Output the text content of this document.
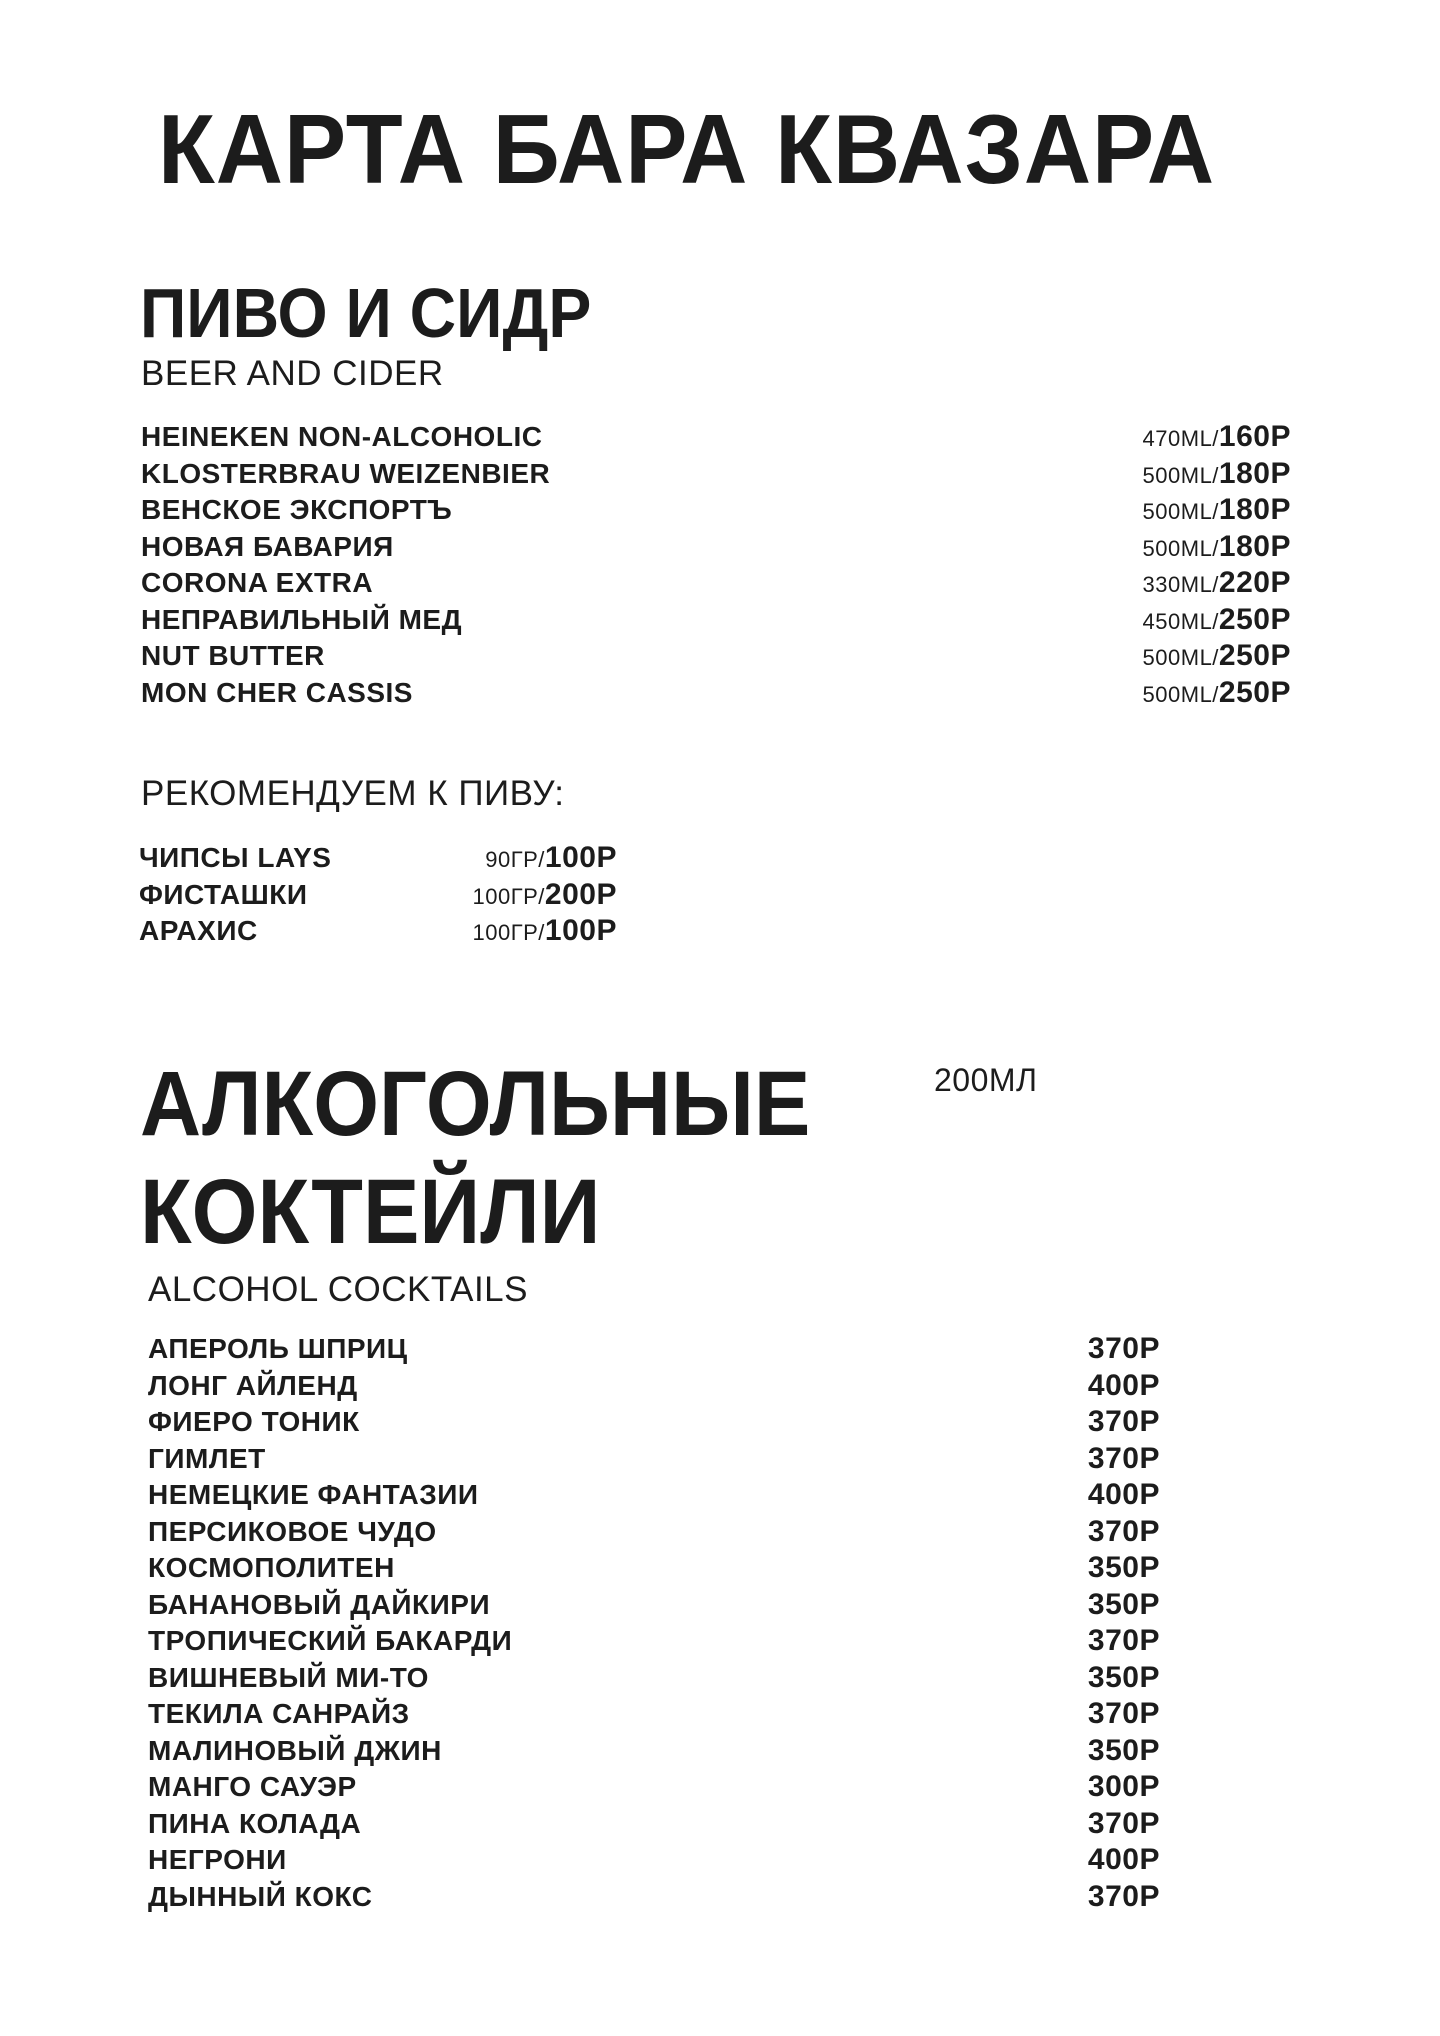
КАРТА БАРА КВАЗАРА
ПИВО И СИДР
BEER AND CIDER
HEINEKEN NON-ALCOHOLIC	470ML/160Р
KLOSTERBRAU WEIZENBIER	500ML/180Р
ВЕНСКОЕ ЭКСПОРТЪ	500ML/180Р
НОВАЯ БАВАРИЯ	500ML/180Р
CORONA EXTRA	330ML/220Р
НЕПРАВИЛЬНЫЙ МЕД	450ML/250Р
NUT BUTTER	500ML/250Р
MON CHER CASSIS	500ML/250Р
РЕКОМЕНДУЕМ К ПИВУ:
ЧИПСЫ LAYS	90ГР/100Р
ФИСТАШКИ	100ГР/200Р
АРАХИС	100ГР/100Р
АЛКОГОЛЬНЫЕ	200МЛ
КОКТЕЙЛИ
ALCOHOL COCKTAILS
АПЕРОЛЬ ШПРИЦ	370Р
ЛОНГ АЙЛЕНД	400Р
ФИЕРО ТОНИК	370Р
ГИМЛЕТ	370Р
НЕМЕЦКИЕ ФАНТАЗИИ	400Р
ПЕРСИКОВОЕ ЧУДО	370Р
КОСМОПОЛИТЕН	350Р
БАНАНОВЫЙ ДАЙКИРИ	350Р
ТРОПИЧЕСКИЙ БАКАРДИ	370Р
ВИШНЕВЫЙ МИ-ТО	350Р
ТЕКИЛА САНРАЙЗ	370Р
МАЛИНОВЫЙ ДЖИН	350Р
МАНГО САУЭР	300Р
ПИНА КОЛАДА	370Р
НЕГРОНИ	400Р
ДЫННЫЙ КОКС	370Р
